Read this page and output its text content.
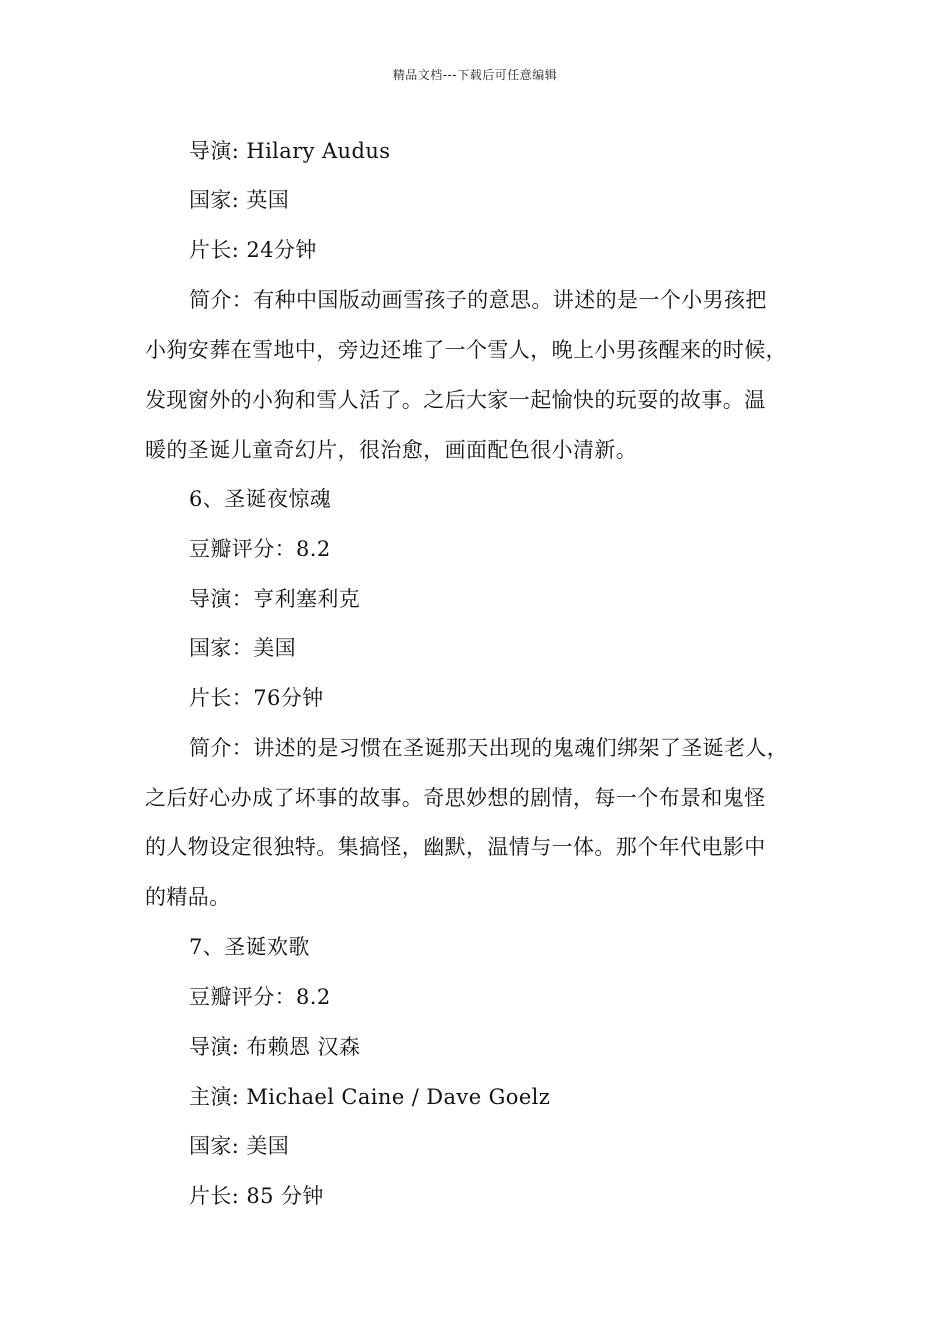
精品文档---下载后可任意编辑
导演: Hilary Audus
国家: 英国
片长: 24分钟
简介：有种中国版动画雪孩子的意思。讲述的是一个小男孩把
小狗安葬在雪地中，旁边还堆了一个雪人，晚上小男孩醒来的时候，
发现窗外的小狗和雪人活了。之后大家一起愉快的玩耍的故事。温
暖的圣诞儿童奇幻片，很治愈，画面配色很小清新。
6、圣诞夜惊魂
豆瓣评分：8.2
导演：亨利塞利克
国家：美国
片长：76分钟
简介：讲述的是习惯在圣诞那天出现的鬼魂们绑架了圣诞老人，
之后好心办成了坏事的故事。奇思妙想的剧情，每一个布景和鬼怪
的人物设定很独特。集搞怪，幽默，温情与一体。那个年代电影中
的精品。
7、圣诞欢歌
豆瓣评分：8.2
导演: 布赖恩 汉森
主演: Michael Caine / Dave Goelz
国家: 美国
片长: 85 分钟
